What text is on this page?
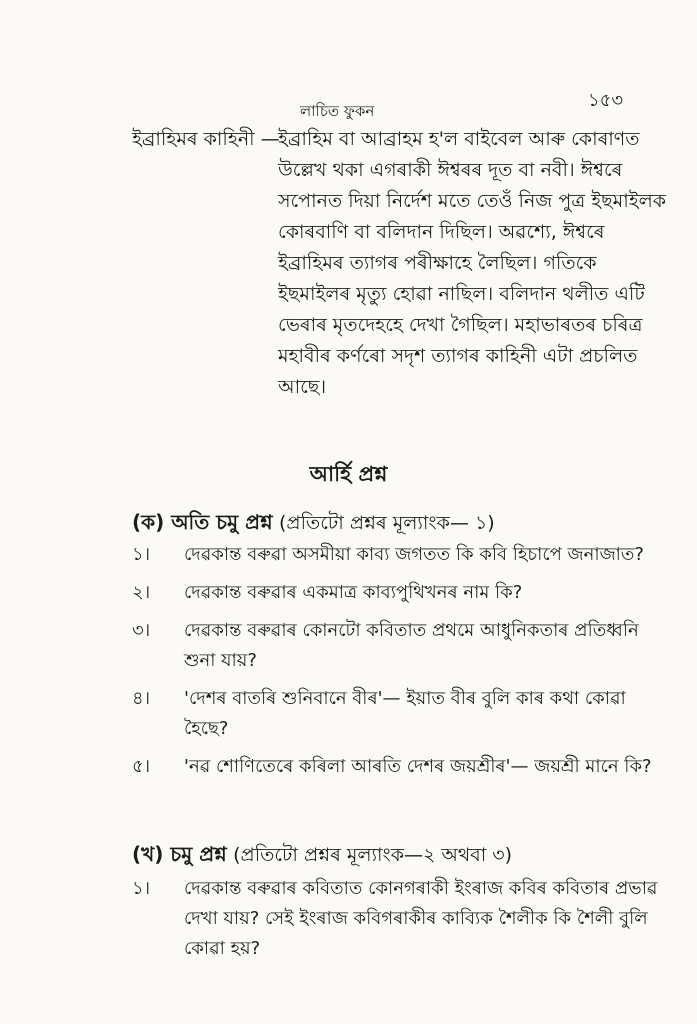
লাচিত ফুকন	১৫৩
ইব্ৰাহিমৰ কাহিনী —
ইব্ৰাহিম বা আব্ৰাহম হ'ল বাইবেল আৰু কোৰাণত উল্লেখ থকা এগৰাকী ঈশ্বৰৰ দূত বা নবী। ঈশ্বৰে সপোনত দিয়া নিৰ্দেশ মতে তেওঁ নিজ পুত্ৰ ইছমাইলক কোৰবাণি বা বলিদান দিছিল। অৱশ্যে, ঈশ্বৰে ইব্ৰাহিমৰ ত্যাগৰ পৰীক্ষাহে লৈছিল। গতিকে ইছমাইলৰ মৃত্যু হোৱা নাছিল। বলিদান থলীত এটি ভেৰাৰ মৃতদেহহে দেখা গৈছিল। মহাভাৰতৰ চৰিত্ৰ মহাবীৰ কৰ্ণৰো সদৃশ ত্যাগৰ কাহিনী এটা প্ৰচলিত আছে।
আৰ্হি প্ৰশ্ন
(ক) অতি চমু প্ৰশ্ন (প্ৰতিটো প্ৰশ্নৰ মূল্যাংক— ১)
১।	দেৱকান্ত বৰুৱা অসমীয়া কাব্য জগতত কি কবি হিচাপে জনাজাত?
২।	দেৱকান্ত বৰুৱাৰ একমাত্ৰ কাব্যপুথিখনৰ নাম কি?
৩।	দেৱকান্ত বৰুৱাৰ কোনটো কবিতাত প্ৰথমে আধুনিকতাৰ প্ৰতিধ্বনি শুনা যায়?
৪।	'দেশৰ বাতৰি শুনিবানে বীৰ'— ইয়াত বীৰ বুলি কাৰ কথা কোৱা হৈছে?
৫।	'নৱ শোণিতেৰে কৰিলা আৰতি দেশৰ জয়শ্ৰীৰ'— জয়শ্ৰী মানে কি?
(খ) চমু প্ৰশ্ন (প্ৰতিটো প্ৰশ্নৰ মূল্যাংক—২ অথবা ৩)
১।	দেৱকান্ত বৰুৱাৰ কবিতাত কোনগৰাকী ইংৰাজ কবিৰ কবিতাৰ প্ৰভাৱ দেখা যায়? সেই ইংৰাজ কবিগৰাকীৰ কাব্যিক শৈলীক কি শৈলী বুলি কোৱা হয়?
